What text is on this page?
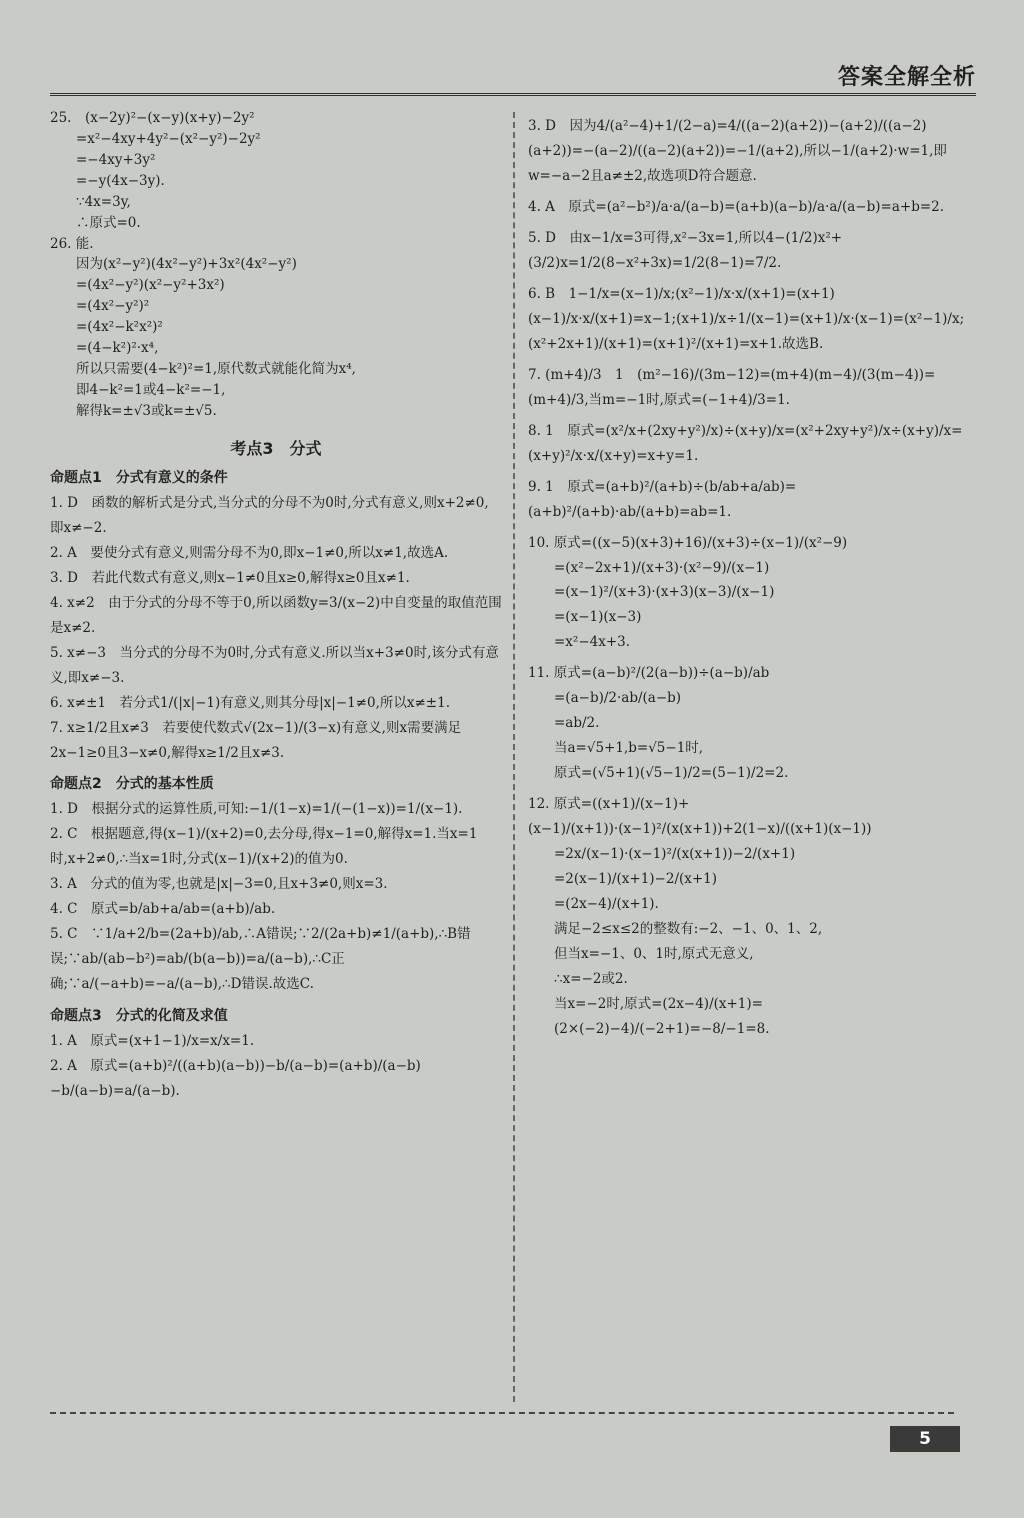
答案全解全析

25.　(x−2y)²−(x−y)(x+y)−2y²

=x²−4xy+4y²−(x²−y²)−2y²

=−4xy+3y²

=−y(4x−3y).

∵4x=3y,

∴原式=0.

26. 能.

因为(x²−y²)(4x²−y²)+3x²(4x²−y²)

=(4x²−y²)(x²−y²+3x²)

=(4x²−y²)²

=(4x²−k²x²)²

=(4−k²)²·x⁴,

所以只需要(4−k²)²=1,原代数式就能化简为x⁴,

即4−k²=1或4−k²=−1,

解得k=±√3或k=±√5.

考点3　分式
命题点1　分式有意义的条件

1. D　函数的解析式是分式,当分式的分母不为0时,分式有意义,则x+2≠0,即x≠−2.

2. A　要使分式有意义,则需分母不为0,即x−1≠0,所以x≠1,故选A.

3. D　若此代数式有意义,则x−1≠0且x≥0,解得x≥0且x≠1.

4. x≠2　由于分式的分母不等于0,所以函数y=3/(x−2)中自变量的取值范围是x≠2.

5. x≠−3　当分式的分母不为0时,分式有意义.所以当x+3≠0时,该分式有意义,即x≠−3.

6. x≠±1　若分式1/(|x|−1)有意义,则其分母|x|−1≠0,所以x≠±1.

7. x≥1/2且x≠3　若要使代数式√(2x−1)/(3−x)有意义,则x需要满足2x−1≥0且3−x≠0,解得x≥1/2且x≠3.

命题点2　分式的基本性质

1. D　根据分式的运算性质,可知:−1/(1−x)=1/(−(1−x))=1/(x−1).

2. C　根据题意,得(x−1)/(x+2)=0,去分母,得x−1=0,解得x=1.当x=1时,x+2≠0,∴当x=1时,分式(x−1)/(x+2)的值为0.

3. A　分式的值为零,也就是|x|−3=0,且x+3≠0,则x=3.

4. C　原式=b/ab+a/ab=(a+b)/ab.

5. C　∵1/a+2/b=(2a+b)/ab,∴A错误;∵2/(2a+b)≠1/(a+b),∴B错误;∵ab/(ab−b²)=ab/(b(a−b))=a/(a−b),∴C正确;∵a/(−a+b)=−a/(a−b),∴D错误.故选C.

命题点3　分式的化简及求值

1. A　原式=(x+1−1)/x=x/x=1.

2. A　原式=(a+b)²/((a+b)(a−b))−b/(a−b)=(a+b)/(a−b)−b/(a−b)=a/(a−b).

3. D　因为4/(a²−4)+1/(2−a)=4/((a−2)(a+2))−(a+2)/((a−2)(a+2))=−(a−2)/((a−2)(a+2))=−1/(a+2),所以−1/(a+2)·w=1,即w=−a−2且a≠±2,故选项D符合题意.

4. A　原式=(a²−b²)/a·a/(a−b)=(a+b)(a−b)/a·a/(a−b)=a+b=2.

5. D　由x−1/x=3可得,x²−3x=1,所以4−(1/2)x²+(3/2)x=1/2(8−x²+3x)=1/2(8−1)=7/2.

6. B　1−1/x=(x−1)/x;(x²−1)/x·x/(x+1)=(x+1)(x−1)/x·x/(x+1)=x−1;(x+1)/x÷1/(x−1)=(x+1)/x·(x−1)=(x²−1)/x;(x²+2x+1)/(x+1)=(x+1)²/(x+1)=x+1.故选B.

7. (m+4)/3　1　(m²−16)/(3m−12)=(m+4)(m−4)/(3(m−4))=(m+4)/3,当m=−1时,原式=(−1+4)/3=1.

8. 1　原式=(x²/x+(2xy+y²)/x)÷(x+y)/x=(x²+2xy+y²)/x÷(x+y)/x=(x+y)²/x·x/(x+y)=x+y=1.

9. 1　原式=(a+b)²/(a+b)÷(b/ab+a/ab)=(a+b)²/(a+b)·ab/(a+b)=ab=1.

10. 原式=((x−5)(x+3)+16)/(x+3)÷(x−1)/(x²−9)

=(x²−2x+1)/(x+3)·(x²−9)/(x−1)

=(x−1)²/(x+3)·(x+3)(x−3)/(x−1)

=(x−1)(x−3)

=x²−4x+3.

11. 原式=(a−b)²/(2(a−b))÷(a−b)/ab

=(a−b)/2·ab/(a−b)

=ab/2.

当a=√5+1,b=√5−1时,

原式=(√5+1)(√5−1)/2=(5−1)/2=2.

12. 原式=((x+1)/(x−1)+(x−1)/(x+1))·(x−1)²/(x(x+1))+2(1−x)/((x+1)(x−1))

=2x/(x−1)·(x−1)²/(x(x+1))−2/(x+1)

=2(x−1)/(x+1)−2/(x+1)

=(2x−4)/(x+1).

满足−2≤x≤2的整数有:−2、−1、0、1、2,

但当x=−1、0、1时,原式无意义,

∴x=−2或2.

当x=−2时,原式=(2x−4)/(x+1)=(2×(−2)−4)/(−2+1)=−8/−1=8.

5
